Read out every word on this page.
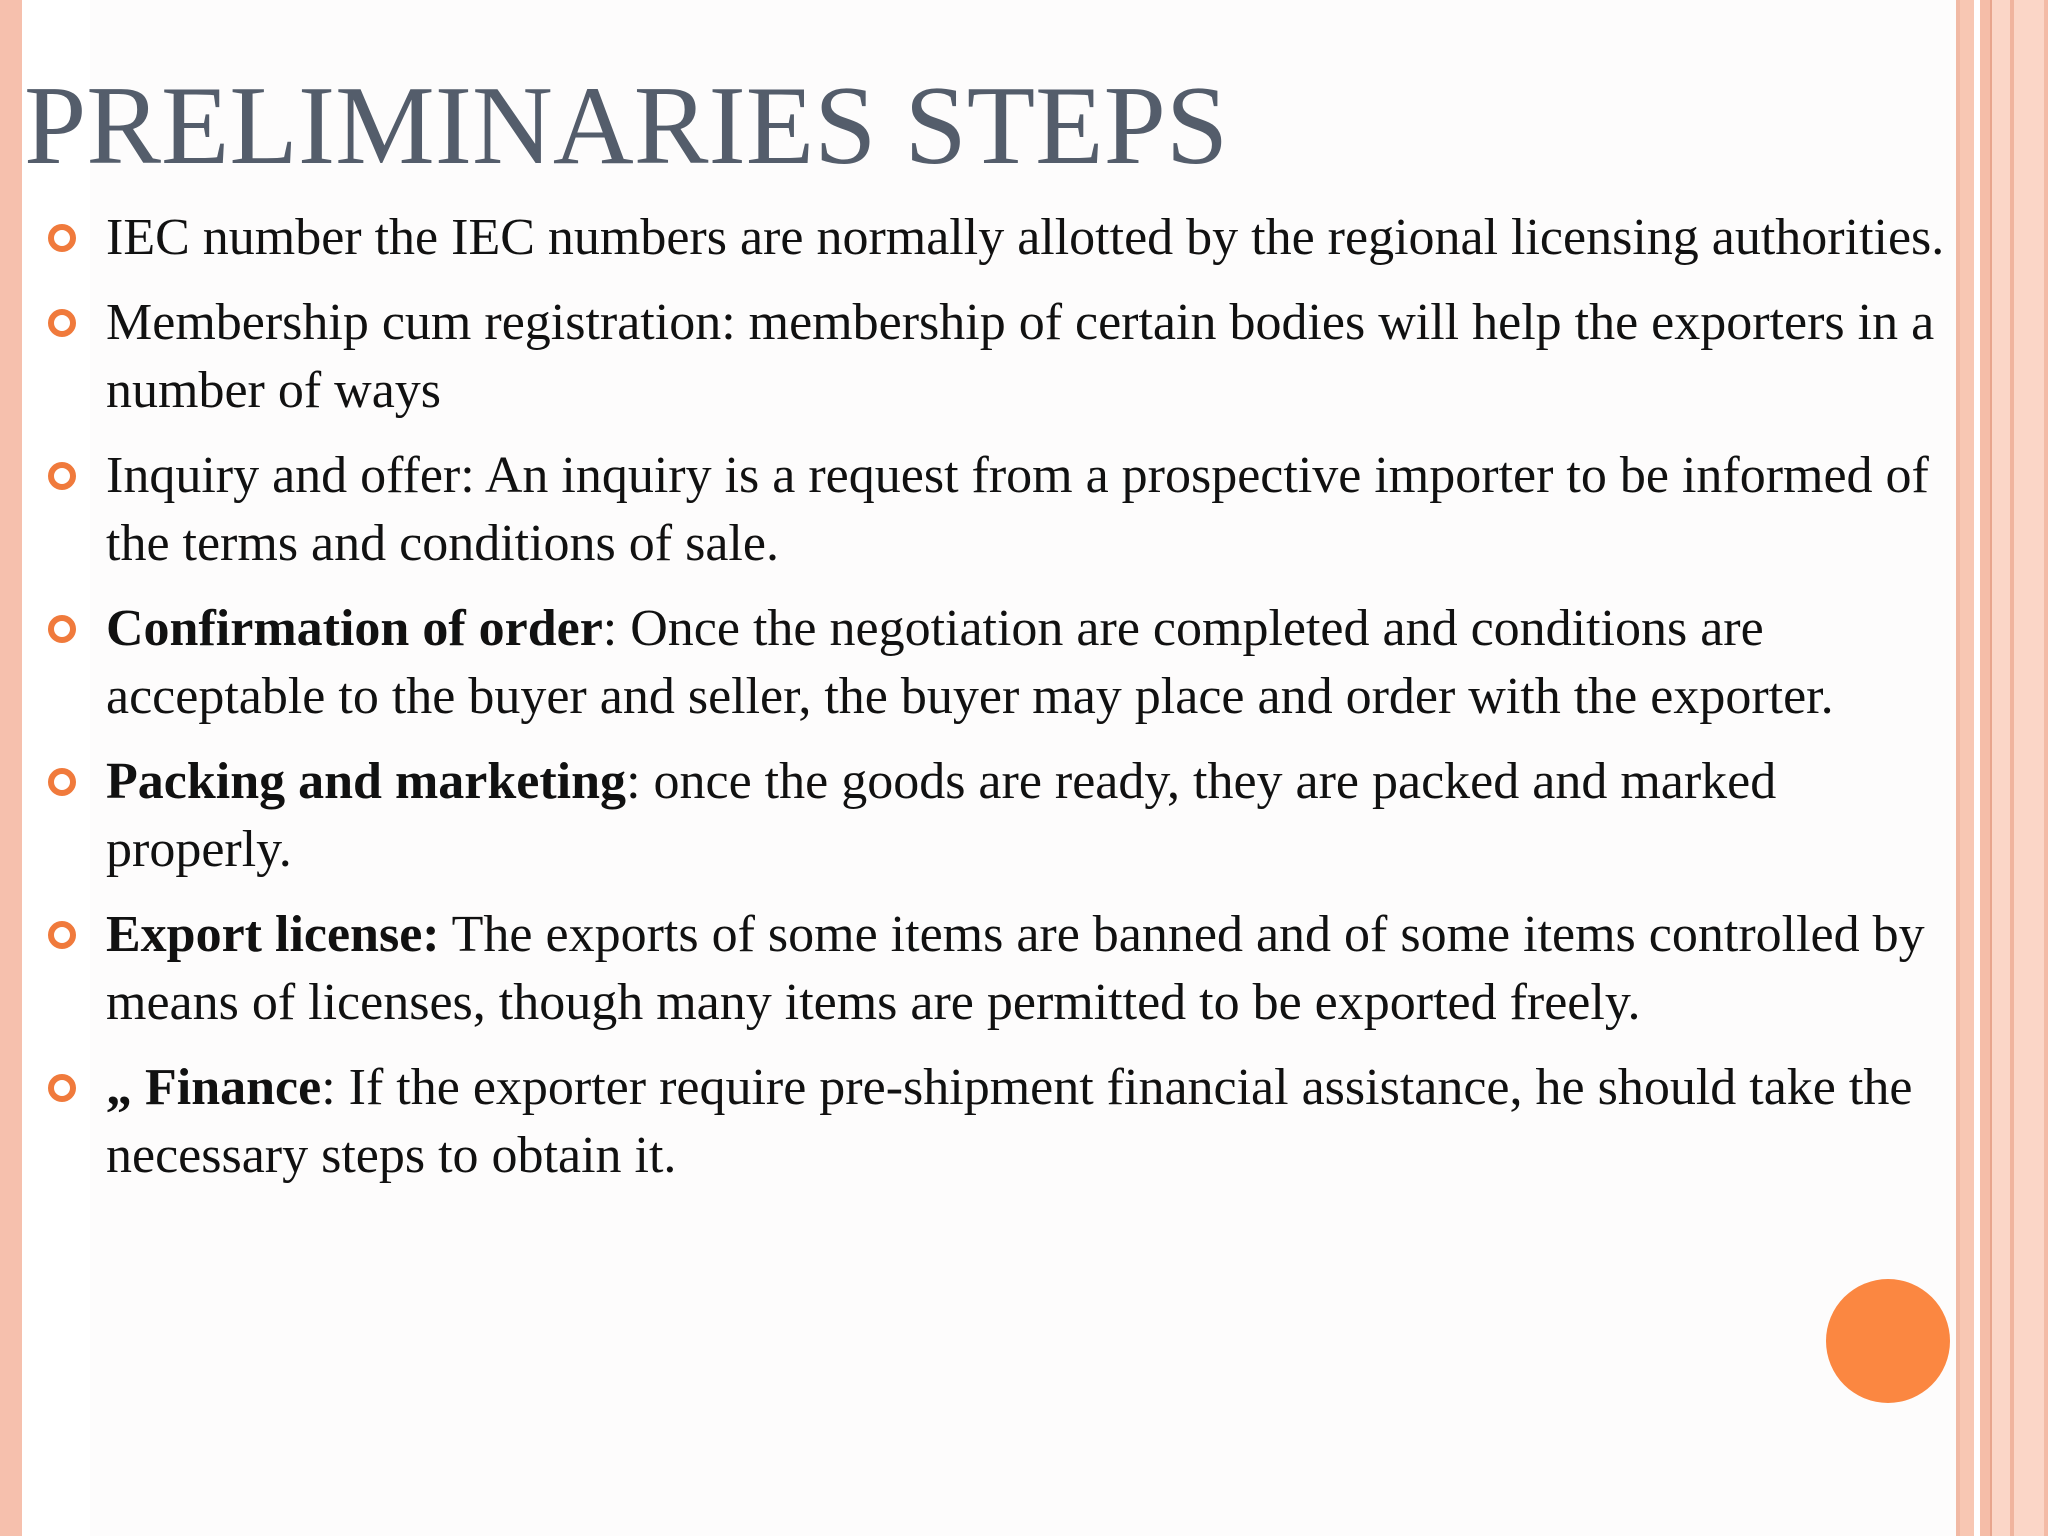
PRELIMINARIES STEPS
IEC number the IEC numbers are normally allotted by the regional licensing authorities.
Membership cum registration: membership of certain bodies will help the exporters in a number of ways
Inquiry and offer: An inquiry is a request from a prospective importer to be informed of the terms and conditions of sale.
Confirmation of order: Once the negotiation are completed and conditions are acceptable to the buyer and seller, the buyer may place and order with the exporter.
Packing and marketing: once the goods are ready, they are packed and marked properly.
Export license: The exports of some items are banned and of some items controlled by means of licenses, though many items are permitted to be exported freely.
„ Finance: If the exporter require pre-shipment financial assistance, he should take the necessary steps to obtain it.
